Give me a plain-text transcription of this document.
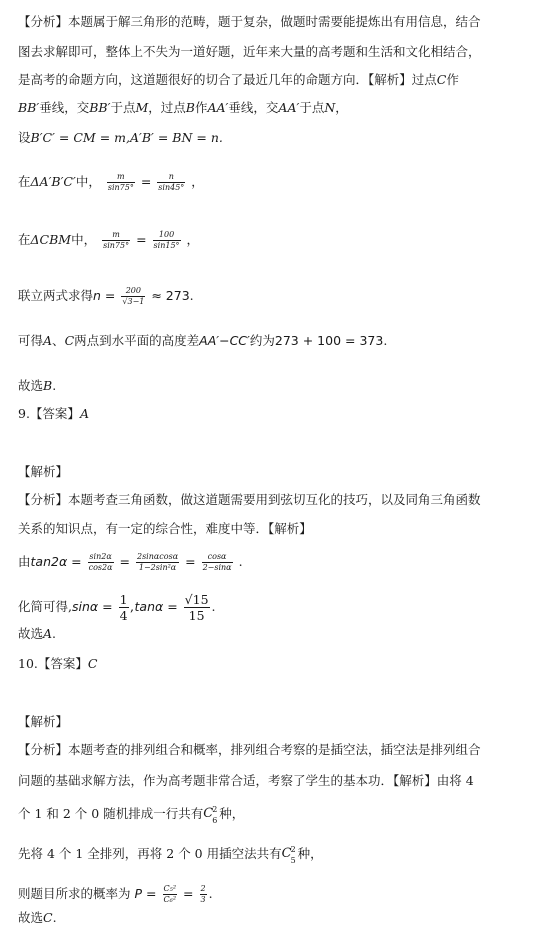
【分析】本题属于解三角形的范畴，题于复杂，做题时需要能提炼出有用信息，结合
图去求解即可，整体上不失为一道好题，近年来大量的高考题和生活和文化相结合，
是高考的命题方向，这道题很好的切合了最近几年的命题方向．【解析】过点C作
BB′垂线，交BB′于点M，过点B作AA′垂线，交AA′于点N，
设B′C′ = CM = m,A′B′ = BN = n.
在ΔA′B′C′中， $\frac{m}{\sin 75^\circ} = \frac{n}{\sin 45^\circ}$ ，
在ΔCBM中， $\frac{m}{\sin 75^\circ} = \frac{100}{\sin 15^\circ}$ ，
联立两式求得$n = \frac{200}{√3-1} \approx 273$.
可得A、C两点到水平面的高度差AA′−CC′约为273 + 100 = 373.
故选B.
9.【答案】A
【解析】
【分析】本题考查三角函数，做这道题需要用到弦切互化的技巧，以及同角三角函数
关系的知识点，有一定的综合性，难度中等．【解析】
由$\tan 2\alpha = \frac{\sin 2\alpha}{\cos 2\alpha} = \frac{2\sin\alpha\cos\alpha}{\text{1−2sin²α}} = \frac{\cos\alpha}{2-\sin\alpha}$ .
化简可得$,\sin\alpha = \frac{1}{4} ,\tan\alpha = \frac{√15}{15}$ .
故选A.
10.【答案】C
【解析】
【分析】本题考查的排列组合和概率，排列组合考察的是插空法，插空法是排列组合
问题的基础求解方法，作为高考题非常合适，考察了学生的基本功．【解析】由将 4
个 1 和 2 个 0 随机排成一行共有 C 2
6 种，
先将 4 个 1 全排列，再将 2 个 0 用插空法共有 C 2
5 种，
则题目所求的概率为 $P = \frac{\text{C₅²}}{\text{C₆²}} = \frac{2}{3}$ .
故选C.
